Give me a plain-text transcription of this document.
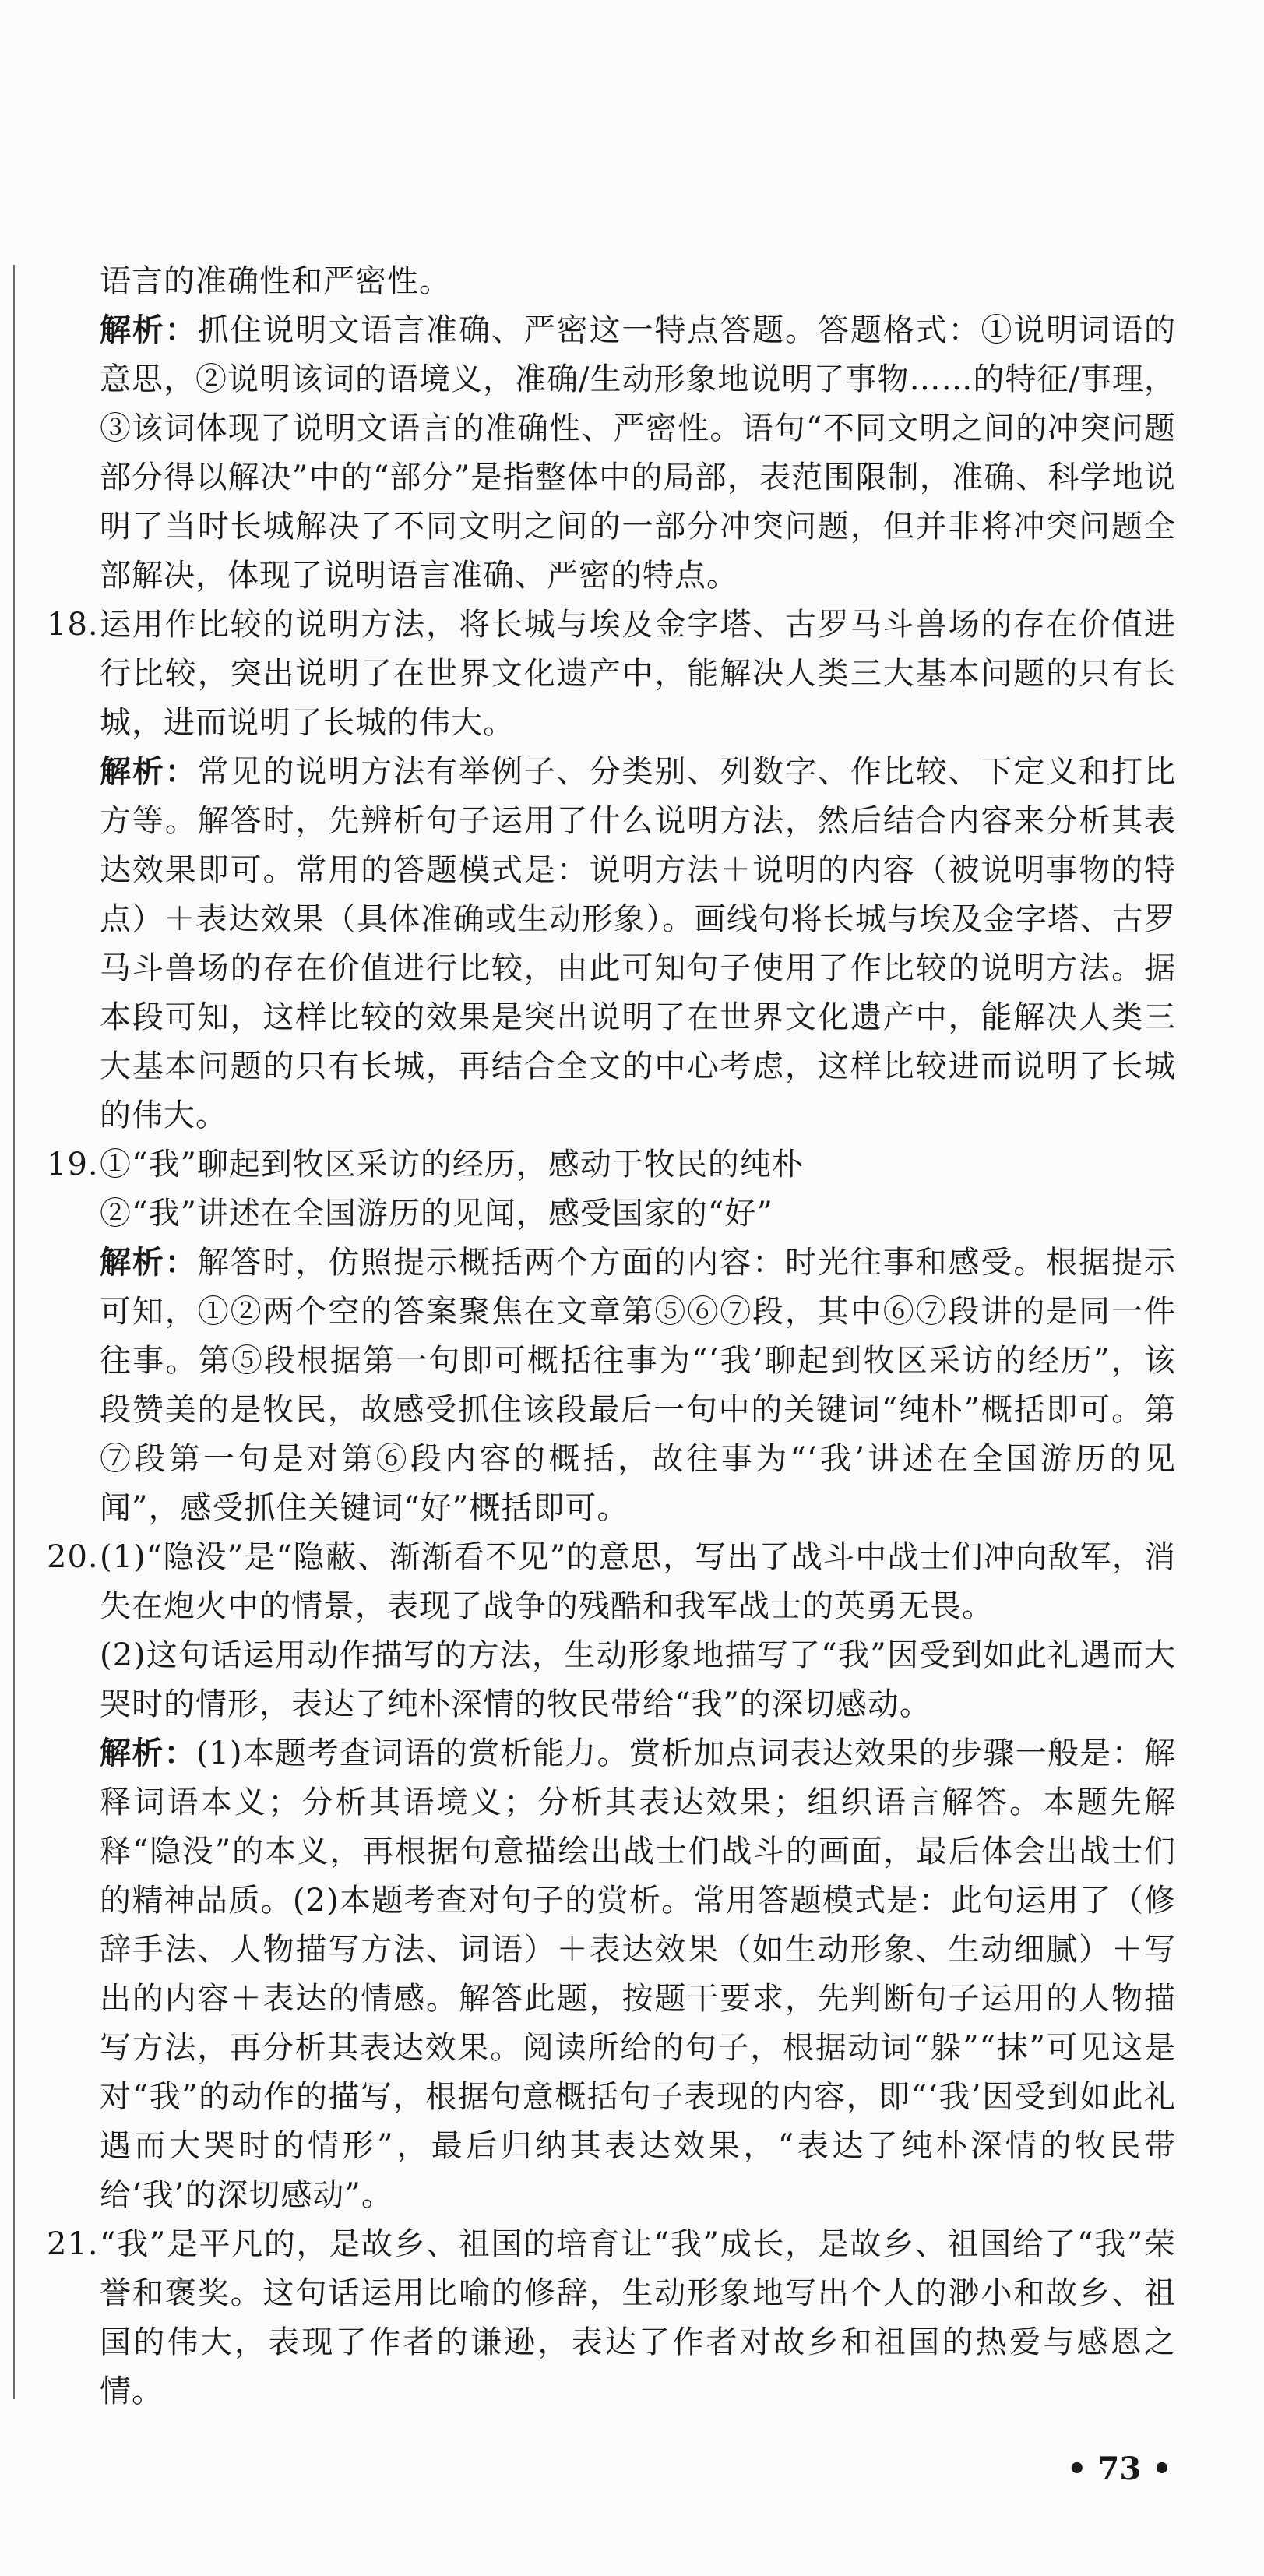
语言的准确性和严密性。

解析：抓住说明文语言准确、严密这一特点答题。答题格式：①说明词语的意思，②说明该词的语境义，准确/生动形象地说明了事物……的特征/事理，③该词体现了说明文语言的准确性、严密性。语句“不同文明之间的冲突问题部分得以解决”中的“部分”是指整体中的局部，表范围限制，准确、科学地说明了当时长城解决了不同文明之间的一部分冲突问题，但并非将冲突问题全部解决，体现了说明语言准确、严密的特点。

18. 运用作比较的说明方法，将长城与埃及金字塔、古罗马斗兽场的存在价值进行比较，突出说明了在世界文化遗产中，能解决人类三大基本问题的只有长城，进而说明了长城的伟大。

解析：常见的说明方法有举例子、分类别、列数字、作比较、下定义和打比方等。解答时，先辨析句子运用了什么说明方法，然后结合内容来分析其表达效果即可。常用的答题模式是：说明方法＋说明的内容（被说明事物的特点）＋表达效果（具体准确或生动形象）。画线句将长城与埃及金字塔、古罗马斗兽场的存在价值进行比较，由此可知句子使用了作比较的说明方法。据本段可知，这样比较的效果是突出说明了在世界文化遗产中，能解决人类三大基本问题的只有长城，再结合全文的中心考虑，这样比较进而说明了长城的伟大。

19. ①“我”聊起到牧区采访的经历，感动于牧民的纯朴

②“我”讲述在全国游历的见闻，感受国家的“好”

解析：解答时，仿照提示概括两个方面的内容：时光往事和感受。根据提示可知，①②两个空的答案聚焦在文章第⑤⑥⑦段，其中⑥⑦段讲的是同一件往事。第⑤段根据第一句即可概括往事为“‘我’聊起到牧区采访的经历”，该段赞美的是牧民，故感受抓住该段最后一句中的关键词“纯朴”概括即可。第⑦段第一句是对第⑥段内容的概括，故往事为“‘我’讲述在全国游历的见闻”，感受抓住关键词“好”概括即可。

20. (1)“隐没”是“隐蔽、渐渐看不见”的意思，写出了战斗中战士们冲向敌军，消失在炮火中的情景，表现了战争的残酷和我军战士的英勇无畏。

(2)这句话运用动作描写的方法，生动形象地描写了“我”因受到如此礼遇而大哭时的情形，表达了纯朴深情的牧民带给“我”的深切感动。

解析：(1)本题考查词语的赏析能力。赏析加点词表达效果的步骤一般是：解释词语本义；分析其语境义；分析其表达效果；组织语言解答。本题先解释“隐没”的本义，再根据句意描绘出战士们战斗的画面，最后体会出战士们的精神品质。(2)本题考查对句子的赏析。常用答题模式是：此句运用了（修辞手法、人物描写方法、词语）＋表达效果（如生动形象、生动细腻）＋写出的内容＋表达的情感。解答此题，按题干要求，先判断句子运用的人物描写方法，再分析其表达效果。阅读所给的句子，根据动词“躲”“抹”可见这是对“我”的动作的描写，根据句意概括句子表现的内容，即“‘我’因受到如此礼遇而大哭时的情形”，最后归纳其表达效果，“表达了纯朴深情的牧民带给‘我’的深切感动”。

21. “我”是平凡的，是故乡、祖国的培育让“我”成长，是故乡、祖国给了“我”荣誉和褒奖。这句话运用比喻的修辞，生动形象地写出个人的渺小和故乡、祖国的伟大，表现了作者的谦逊，表达了作者对故乡和祖国的热爱与感恩之情。

• 73 •
